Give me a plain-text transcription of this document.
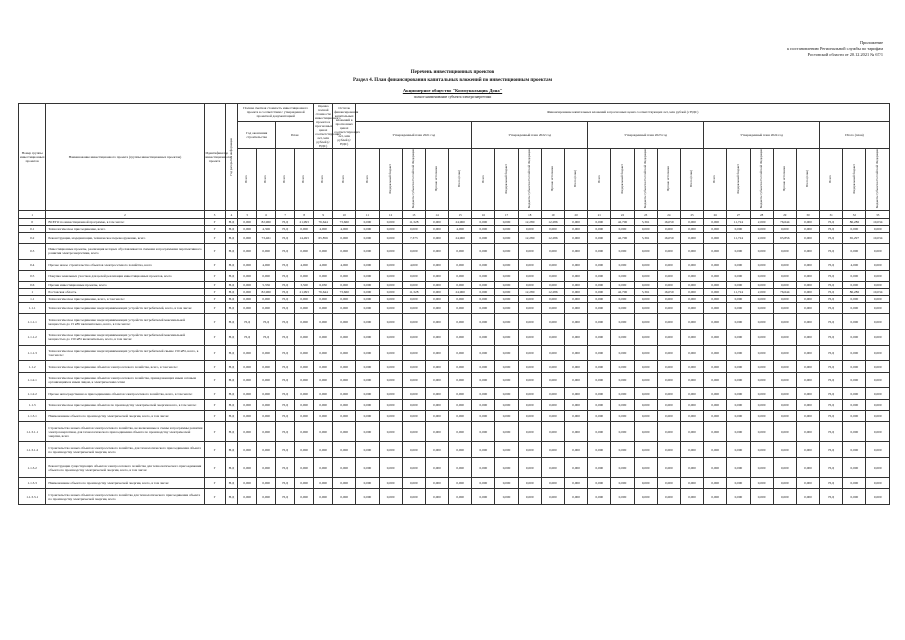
Приложение
к постановлению Региональной службы по тарифам
Ростовской области от 20.12.2021 № 67/1
Перечень инвестиционных проектов
Раздел 4. План финансирования капитальных вложений по инвестиционным проектам
Акционерное общество "Коммунальщик Дона"
полное наименование субъекта электроэнергетики
Номер группы инвестиционных проектов	Наименование инвестиционного проекта (группы инвестиционных проектов)	Идентификатор инвестиционного проекта	Год раскрытия информации	Полная сметная стоимость инвестиционного проекта в соответствии с утвержденной проектной документацией				Оценка полной стоимости инвестиционного проекта в прогнозных ценах соответствующих лет, млн рублей (с НДС)	Остаток финансирования капитальных вложений в прогнозных ценах соответствующих лет, млн рублей (с НДС)	Финансирование капитальных вложений в прогнозных ценах соответствующих лет, млн рублей (с НДС)																						
				Год окончания строительства		План				Утвержденный план 2021 год					Утвержденный план 2022 год					Утвержденный план 2023 год					Утвержденный план 2024 год					Итого (план)		
				Всего	Всего	Всего	Всего	Всего	Всего	Всего	Федеральный бюджет	Бюджеты субъектов Российской Федерации	Прочие источники	Всего (план)	Всего	Федеральный бюджет	Бюджеты субъектов Российской Федерации	Прочие источники	Всего (план)	Всего	Федеральный бюджет	Бюджеты субъектов Российской Федерации	Прочие источники	Всего (план)	Всего	Федеральный бюджет	Бюджеты субъектов Российской Федерации	Прочие источники	Всего (план)	Всего	Федеральный бюджет	Бюджеты субъектов Российской Федерации
1	2	3	4	5	6	7	8	9	10	11	12	13	14	15	16	17	18	19	20	21	22	23	24	25	26	27	28	29	30	31	32	33
0	ВСЕГО по инвестиционной программе, в том числе:	Г	Н.Д	0,000	82,960	Н.Д	21,993	76,644	73,660	0,000	0,000	11,328	0,000	24,960	0,000	0,000	12,280	12,286	0,000	0,000	42,700	5,361	16,059	0,000	0,000	11,724	2,000	76,644	0,000	Н.Д	86,286	10,034
0.1	Технологическое присоединение, всего	Г	Н.Д	0,000	4,306	Н.Д	0,000	4,000	4,000	0,000	0,000	0,000	0,000	4,000	0,000	0,000	0,000	0,000	0,000	0,000	0,000	0,000	0,000	0,000	0,000	0,000	0,000	0,000	0,000	Н.Д	0,000	0,000
0.2	Реконструкция, модернизация, техническое перевооружение, всего	Г	Н.Д	0,000	73,461	Н.Д	14,493	65,856	0,000	0,000	0,000	7,373	0,000	24,960	0,000	0,000	12,280	12,286	0,000	0,000	42,700	5,361	16,059	0,000	0,000	11,724	2,000	65,856	0,000	Н.Д	65,297	10,034
0.3	Инвестиционные проекты, реализация которых обуславливается схемами и программами перспективного развития электроэнергетики, всего	Г	Н.Д	0,000	0,000	Н.Д	0,000	0,000	0,000	0,000	0,000	0,000	0,000	0,000	0,000	0,000	0,000	0,000	0,000	0,000	0,000	0,000	0,000	0,000	0,000	0,000	0,000	0,000	0,000	Н.Д	0,000	0,000
0.4	Прочее новое строительство объектов электросетевого хозяйства, всего	Г	Н.Д	0,000	4,000	Н.Д	4,000	4,000	4,000	0,000	0,000	4,000	0,000	0,000	0,000	0,000	0,000	0,000	0,000	0,000	0,000	0,000	0,000	0,000	0,000	0,000	0,000	0,000	0,000	Н.Д	4,000	0,000
0.5	Покупка земельных участков для целей реализации инвестиционных проектов, всего	Г	Н.Д	0,000	0,000	Н.Д	0,000	0,000	0,000	0,000	0,000	0,000	0,000	0,000	0,000	0,000	0,000	0,000	0,000	0,000	0,000	0,000	0,000	0,000	0,000	0,000	0,000	0,000	0,000	Н.Д	0,000	0,000
0.6	Прочие инвестиционные проекты, всего	Г	Н.Д	0,000	5,356	Н.Д	3,500	6,030	0,000	0,000	0,000	0,000	0,000	0,000	0,000	0,000	0,000	0,000	0,000	0,000	0,000	0,000	0,000	0,000	0,000	0,000	0,000	0,000	0,000	Н.Д	0,000	0,000
1	Ростовская область	Г	Н.Д	0,000	82,960	Н.Д	21,993	76,644	73,660	0,000	0,000	11,328	0,000	24,960	0,000	0,000	12,280	12,286	0,000	0,000	42,700	5,361	16,059	0,000	0,000	11,724	2,000	76,644	0,000	Н.Д	86,286	10,034
1.1	Технологическое присоединение, всего, в том числе:	Г	Н.Д	0,000	0,000	Н.Д	0,000	0,000	0,000	0,000	0,000	0,000	0,000	0,000	0,000	0,000	0,000	0,000	0,000	0,000	0,000	0,000	0,000	0,000	0,000	0,000	0,000	0,000	0,000	Н.Д	0,000	0,000
1.1.1	Технологическое присоединение энергопринимающих устройств потребителей, всего, в том числе:	Г	Н.Д	0,000	0,000	Н.Д	0,000	0,000	0,000	0,000	0,000	0,000	0,000	0,000	0,000	0,000	0,000	0,000	0,000	0,000	0,000	0,000	0,000	0,000	0,000	0,000	0,000	0,000	0,000	Н.Д	0,000	0,000
1.1.1.1	Технологическое присоединение энергопринимающих устройств потребителей максимальной мощностью до 15 кВт включительно, всего, в том числе:	Г	Н.Д	Н.Д	Н.Д	Н.Д	0,000	0,000	0,000	0,000	0,000	0,000	0,000	0,000	0,000	0,000	0,000	0,000	0,000	0,000	0,000	0,000	0,000	0,000	0,000	0,000	0,000	0,000	0,000	Н.Д	0,000	0,000
1.1.1.2	Технологическое присоединение энергопринимающих устройств потребителей максимальной мощностью до 150 кВт включительно, всего, в том числе:	Г	Н.Д	Н.Д	Н.Д	Н.Д	0,000	0,000	0,000	0,000	0,000	0,000	0,000	0,000	0,000	0,000	0,000	0,000	0,000	0,000	0,000	0,000	0,000	0,000	0,000	0,000	0,000	0,000	0,000	Н.Д	0,000	0,000
1.1.1.3	Технологическое присоединение энергопринимающих устройств потребителей свыше 150 кВт, всего, в том числе:	Г	Н.Д	0,000	0,000	Н.Д	0,000	0,000	0,000	0,000	0,000	0,000	0,000	0,000	0,000	0,000	0,000	0,000	0,000	0,000	0,000	0,000	0,000	0,000	0,000	0,000	0,000	0,000	0,000	Н.Д	0,000	0,000
1.1.2	Технологическое присоединение объектов электросетевого хозяйства, всего, в том числе:	Г	Н.Д	0,000	0,000	Н.Д	0,000	0,000	0,000	0,000	0,000	0,000	0,000	0,000	0,000	0,000	0,000	0,000	0,000	0,000	0,000	0,000	0,000	0,000	0,000	0,000	0,000	0,000	0,000	Н.Д	0,000	0,000
1.1.2.1	Технологическое присоединение объектов электросетевого хозяйства, принадлежащих иным сетевым организациям и иным лицам, к электрическим сетям	Г	Н.Д	0,000	0,000	Н.Д	0,000	0,000	0,000	0,000	0,000	0,000	0,000	0,000	0,000	0,000	0,000	0,000	0,000	0,000	0,000	0,000	0,000	0,000	0,000	0,000	0,000	0,000	0,000	Н.Д	0,000	0,000
1.1.2.2	Прочее непосредственно к присоединению объектов электросетевого хозяйства, всего, в том числе:	Г	Н.Д	0,000	0,000	Н.Д	0,000	0,000	0,000	0,000	0,000	0,000	0,000	0,000	0,000	0,000	0,000	0,000	0,000	0,000	0,000	0,000	0,000	0,000	0,000	0,000	0,000	0,000	0,000	Н.Д	0,000	0,000
1.1.3	Технологическое присоединение объектов по производству электрической энергии всего, в том числе:	Г	Н.Д	0,000	0,000	Н.Д	0,000	0,000	0,000	0,000	0,000	0,000	0,000	0,000	0,000	0,000	0,000	0,000	0,000	0,000	0,000	0,000	0,000	0,000	0,000	0,000	0,000	0,000	0,000	Н.Д	0,000	0,000
1.1.3.1	Наименование объекта по производству электрической энергии, всего, в том числе:	Г	Н.Д	0,000	0,000	Н.Д	0,000	0,000	0,000	0,000	0,000	0,000	0,000	0,000	0,000	0,000	0,000	0,000	0,000	0,000	0,000	0,000	0,000	0,000	0,000	0,000	0,000	0,000	0,000	Н.Д	0,000	0,000
1.1.3.1.1	Строительство новых объектов электросетевого хозяйства, не включенные в схемы и программы развития электроэнергетики, для технологического присоединения объекта по производству электрической энергии, всего	Г	Н.Д	0,000	0,000	Н.Д	0,000	0,000	0,000	0,000	0,000	0,000	0,000	0,000	0,000	0,000	0,000	0,000	0,000	0,000	0,000	0,000	0,000	0,000	0,000	0,000	0,000	0,000	0,000	Н.Д	0,000	0,000
1.1.3.1.2	Строительство новых объектов электросетевого хозяйства, для технологического присоединения объекта по производству электрической энергии, всего	Г	Н.Д	0,000	0,000	Н.Д	0,000	0,000	0,000	0,000	0,000	0,000	0,000	0,000	0,000	0,000	0,000	0,000	0,000	0,000	0,000	0,000	0,000	0,000	0,000	0,000	0,000	0,000	0,000	Н.Д	0,000	0,000
1.1.3.2	Реконструкция существующих объектов электросетевого хозяйства для технологического присоединения объекта по производству электрической энергии, всего, в том числе:	Г	Н.Д	0,000	0,000	Н.Д	0,000	0,000	0,000	0,000	0,000	0,000	0,000	0,000	0,000	0,000	0,000	0,000	0,000	0,000	0,000	0,000	0,000	0,000	0,000	0,000	0,000	0,000	0,000	Н.Д	0,000	0,000
1.1.3.3	Наименование объекта по производству электрической энергии, всего, в том числе:	Г	Н.Д	0,000	0,000	Н.Д	0,000	0,000	0,000	0,000	0,000	0,000	0,000	0,000	0,000	0,000	0,000	0,000	0,000	0,000	0,000	0,000	0,000	0,000	0,000	0,000	0,000	0,000	0,000	Н.Д	0,000	0,000
1.1.3.3.1	Строительство новых объектов электросетевого хозяйства для технологического присоединения объекта по производству электрической энергии, всего	Г	Н.Д	0,000	0,000	Н.Д	0,000	0,000	0,000	0,000	0,000	0,000	0,000	0,000	0,000	0,000	0,000	0,000	0,000	0,000	0,000	0,000	0,000	0,000	0,000	0,000	0,000	0,000	0,000	Н.Д	0,000	0,000
